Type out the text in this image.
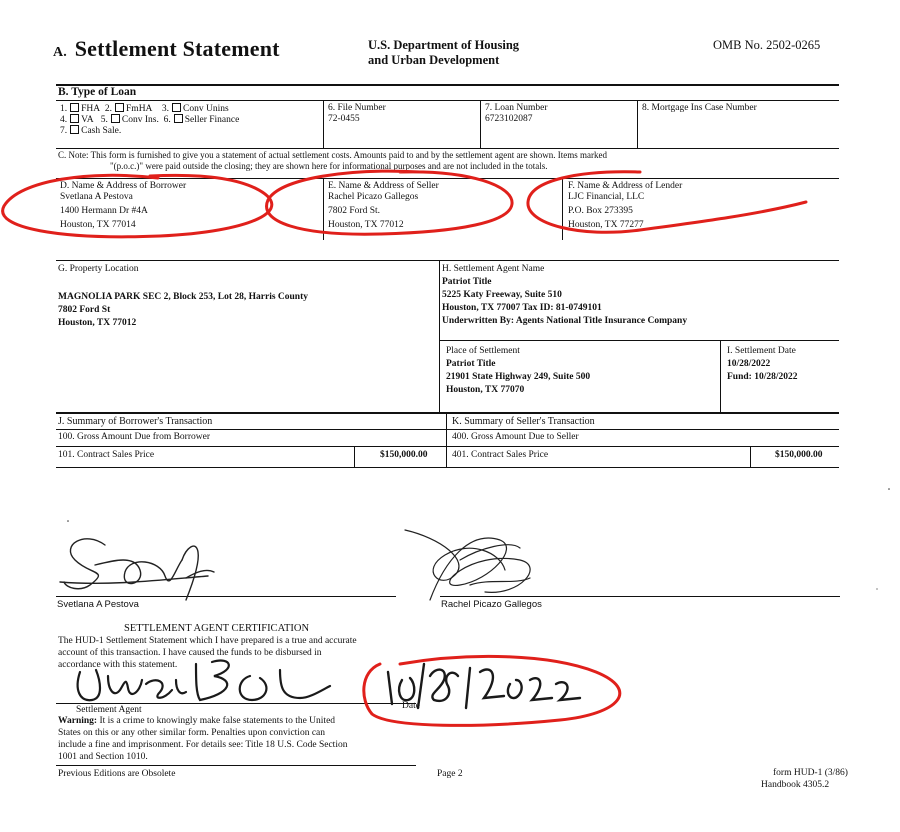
A. Settlement Statement	U.S. Department of Housing
and Urban Development
OMB No. 2502-0265
B. Type of Loan
1. FHA 2. FmHA 3. Conv Unins
4. VA 5. Conv Ins. 6. Seller Finance
7. Cash Sale.
6. File Number
72-0455
7. Loan Number
6723102087
8. Mortgage Ins Case Number
C. Note: This form is furnished to give you a statement of actual settlement costs. Amounts paid to and by the settlement agent are shown. Items marked
"(p.o.c.)" were paid outside the closing; they are shown here for informational purposes and are not included in the totals.
D. Name & Address of Borrower
Svetlana A Pestova
1400 Hermann Dr #4A
Houston, TX 77014
E. Name & Address of Seller
Rachel Picazo Gallegos
7802 Ford St.
Houston, TX 77012
F. Name & Address of Lender
LJC Financial, LLC
P.O. Box 273395
Houston, TX 77277
G. Property Location
MAGNOLIA PARK SEC 2, Block 253, Lot 28, Harris County
7802 Ford St
Houston, TX 77012
H. Settlement Agent Name
Patriot Title
5225 Katy Freeway, Suite 510
Houston, TX 77007 Tax ID: 81-0749101
Underwritten By: Agents National Title Insurance Company
Place of Settlement
Patriot Title
21901 State Highway 249, Suite 500
Houston, TX 77070
I. Settlement Date
10/28/2022
Fund: 10/28/2022
J. Summary of Borrower's Transaction	K. Summary of Seller's Transaction
100. Gross Amount Due from Borrower	400. Gross Amount Due to Seller
101. Contract Sales Price	$150,000.00	401. Contract Sales Price	$150,000.00
Svetlana A Pestova	Rachel Picazo Gallegos
SETTLEMENT AGENT CERTIFICATION
The HUD-1 Settlement Statement which I have prepared is a true and accurate
account of this transaction. I have caused the funds to be disbursed in
accordance with this statement.
Settlement Agent	Date
Warning: It is a crime to knowingly make false statements to the United
States on this or any other similar form. Penalties upon conviction can
include a fine and imprisonment. For details see: Title 18 U.S. Code Section
1001 and Section 1010.
Previous Editions are Obsolete	Page 2	form HUD-1 (3/86)
Handbook 4305.2
